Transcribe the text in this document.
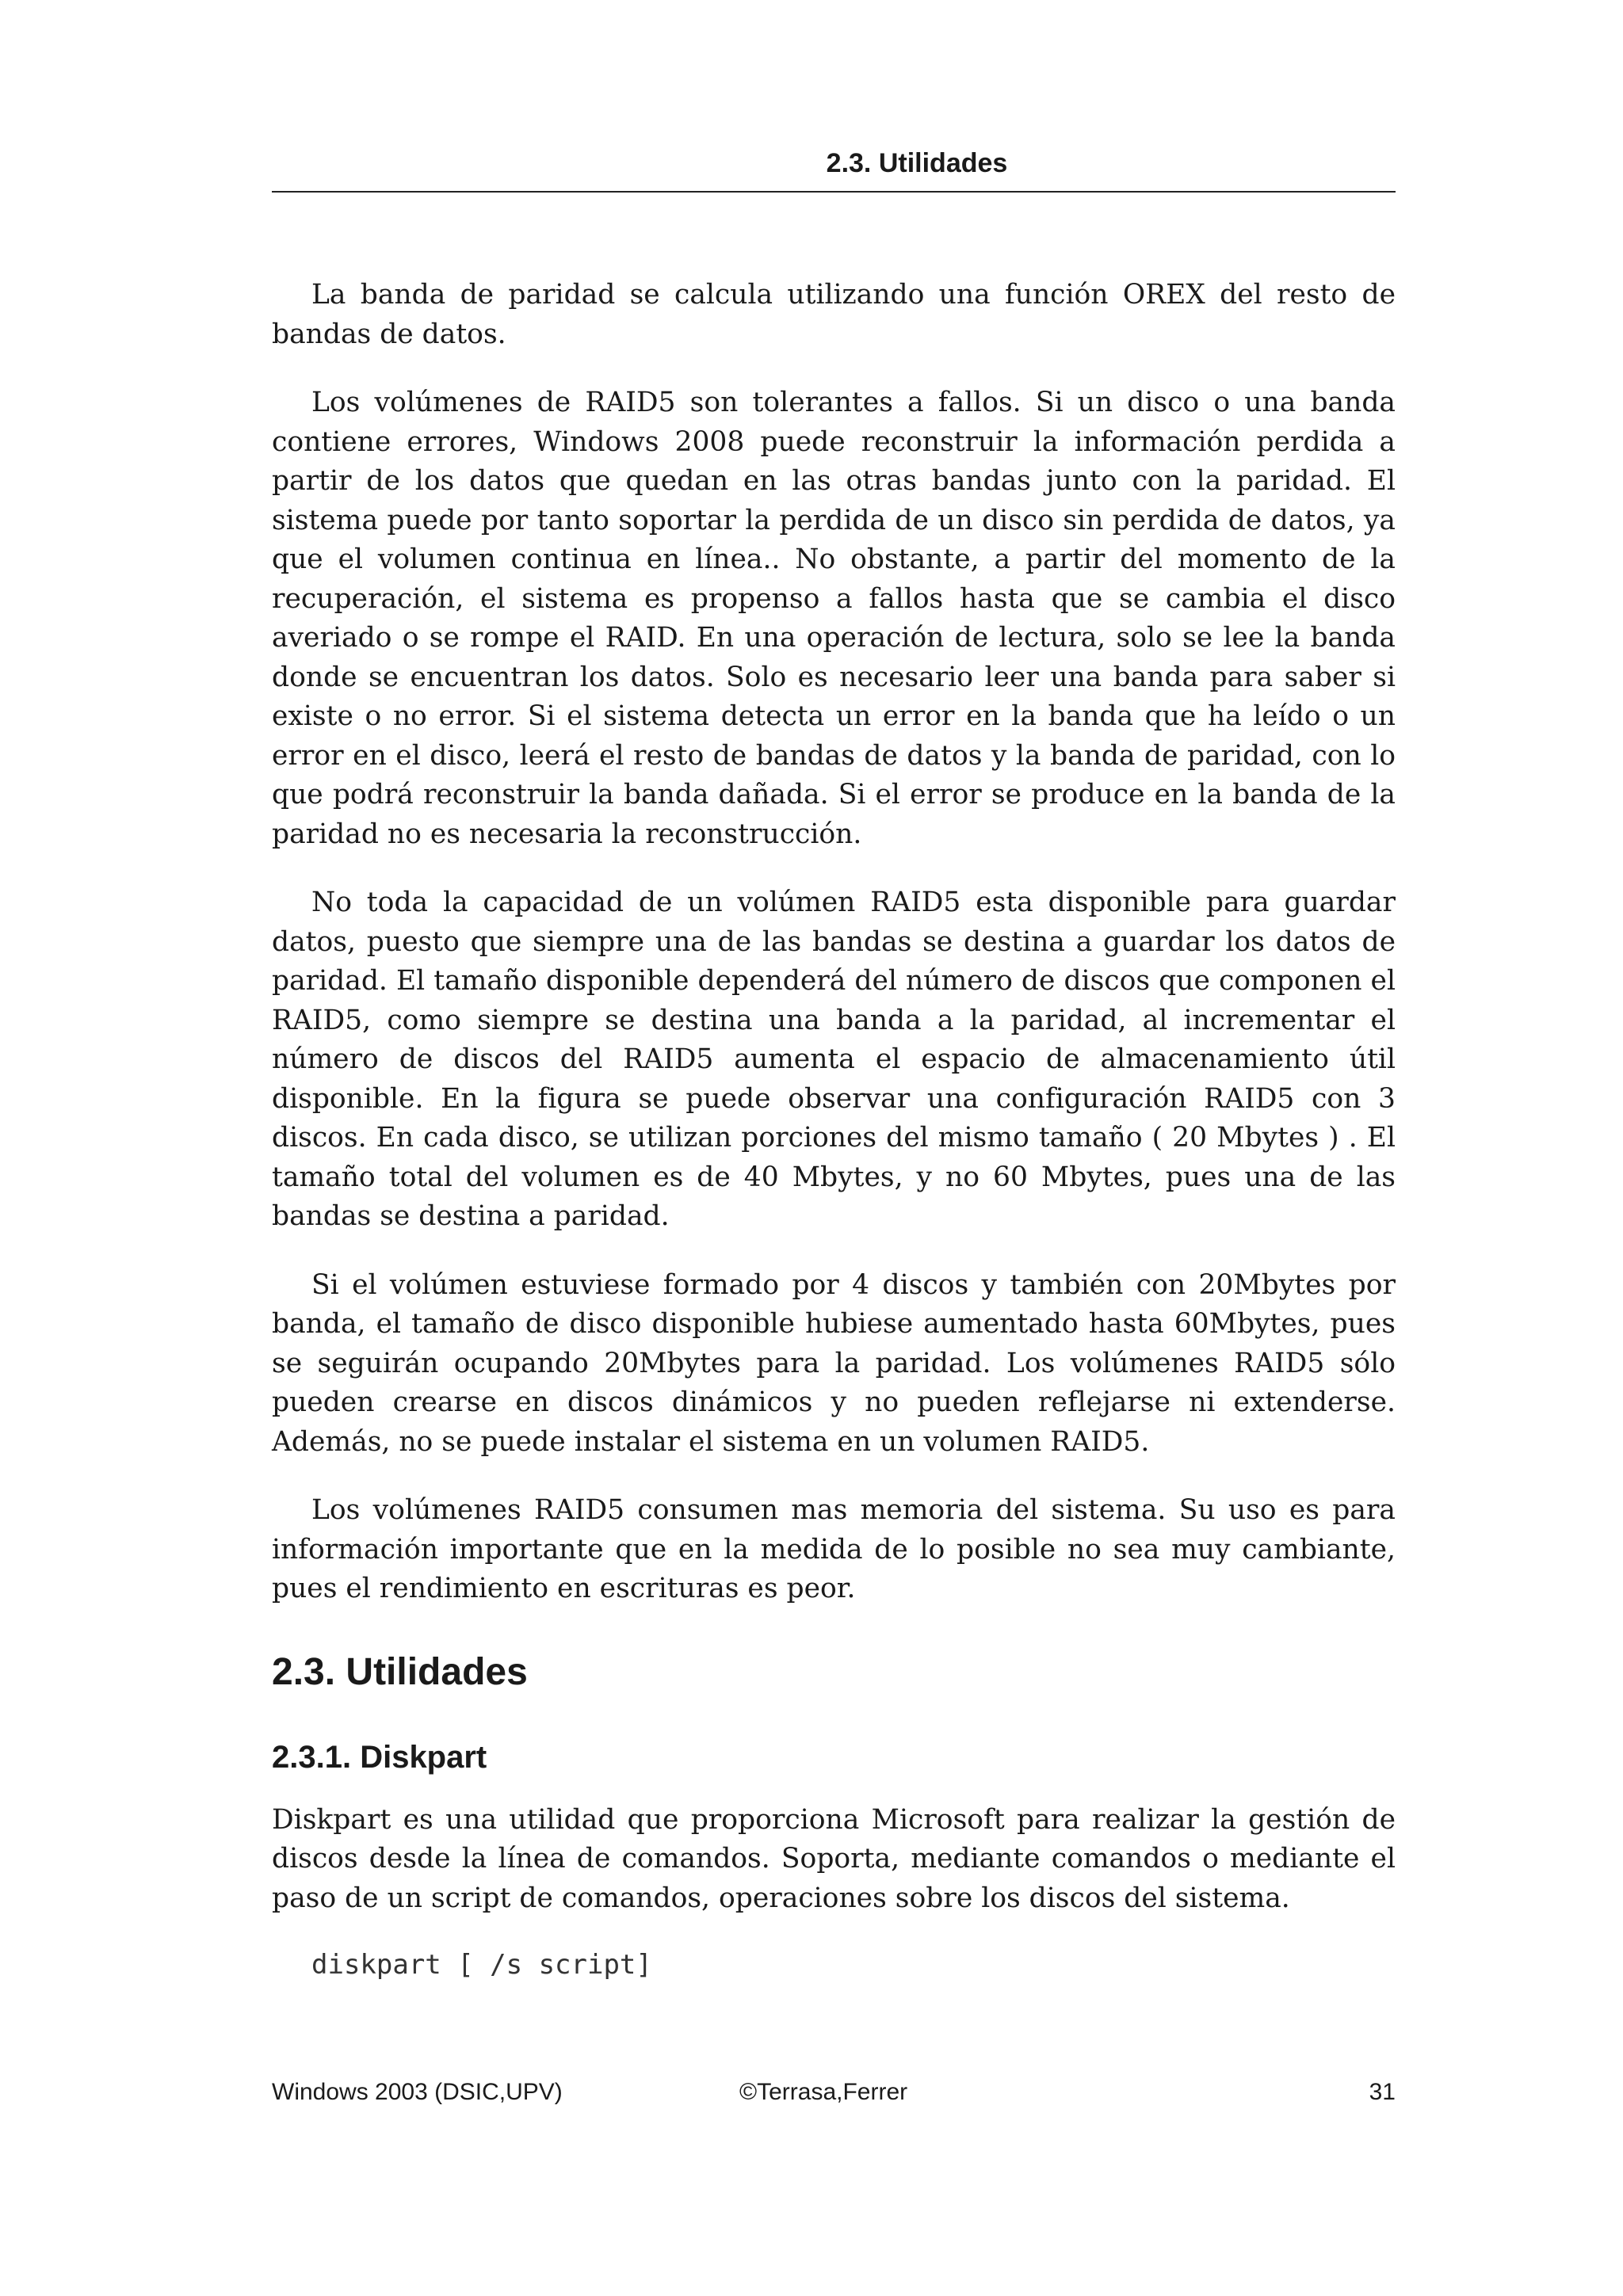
2.3. Utilidades

La banda de paridad se calcula utilizando una función OREX del resto de bandas de datos.

Los volúmenes de RAID5 son tolerantes a fallos. Si un disco o una banda contiene errores, Windows 2008 puede reconstruir la información perdida a partir de los datos que quedan en las otras bandas junto con la paridad. El sistema puede por tanto soportar la perdida de un disco sin perdida de datos, ya que el volumen continua en línea.. No obstante, a partir del momento de la recuperación, el sistema es propenso a fallos hasta que se cambia el disco averiado o se rompe el RAID. En una operación de lectura, solo se lee la banda donde se encuentran los datos. Solo es necesario leer una banda para saber si existe o no error. Si el sistema detecta un error en la banda que ha leído o un error en el disco, leerá el resto de bandas de datos y la banda de paridad, con lo que podrá reconstruir la banda dañada. Si el error se produce en la banda de la paridad no es necesaria la reconstrucción.

No toda la capacidad de un volúmen RAID5 esta disponible para guardar datos, puesto que siempre una de las bandas se destina a guardar los datos de paridad. El tamaño disponible dependerá del número de discos que componen el RAID5, como siempre se destina una banda a la paridad, al incrementar el número de discos del RAID5 aumenta el espacio de almacenamiento útil disponible. En la figura se puede observar una configuración RAID5 con 3 discos. En cada disco, se utilizan porciones del mismo tamaño ( 20 Mbytes ) . El tamaño total del volumen es de 40 Mbytes, y no 60 Mbytes, pues una de las bandas se destina a paridad.

Si el volúmen estuviese formado por 4 discos y también con 20Mbytes por banda, el tamaño de disco disponible hubiese aumentado hasta 60Mbytes, pues se seguirán ocupando 20Mbytes para la paridad. Los volúmenes RAID5 sólo pueden crearse en discos dinámicos y no pueden reflejarse ni extenderse. Además, no se puede instalar el sistema en un volumen RAID5.

Los volúmenes RAID5 consumen mas memoria del sistema. Su uso es para información importante que en la medida de lo posible no sea muy cambiante, pues el rendimiento en escrituras es peor.

2.3. Utilidades
2.3.1. Diskpart

Diskpart es una utilidad que proporciona Microsoft para realizar la gestión de discos desde la línea de comandos. Soporta, mediante comandos o mediante el paso de un script de comandos, operaciones sobre los discos del sistema.

diskpart [ /s script]
Windows 2003 (DSIC,UPV)	©Terrasa,Ferrer	31
